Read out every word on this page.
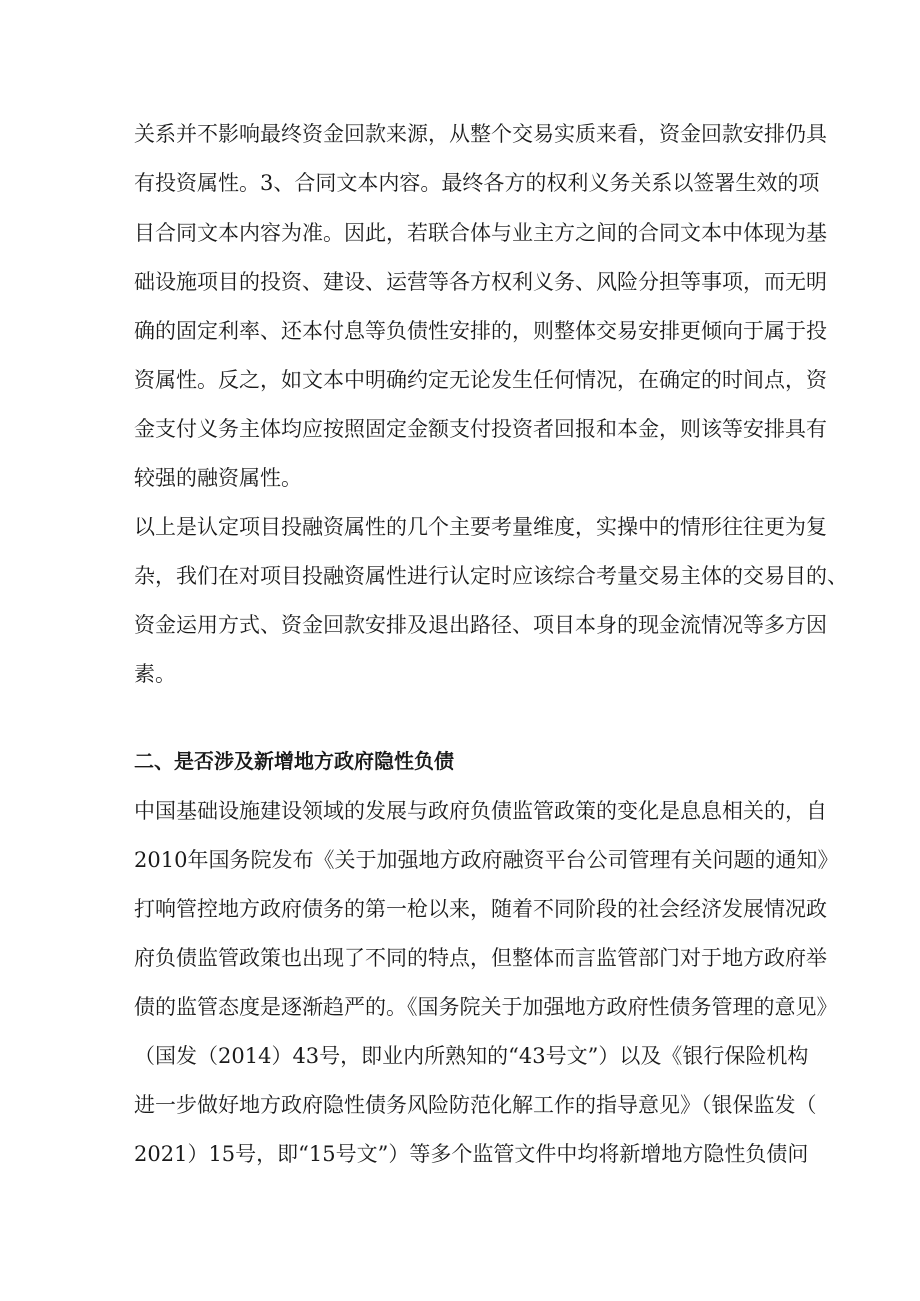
关系并不影响最终资金回款来源，从整个交易实质来看，资金回款安排仍具
有投资属性。3、合同文本内容。最终各方的权利义务关系以签署生效的项
目合同文本内容为准。因此，若联合体与业主方之间的合同文本中体现为基
础设施项目的投资、建设、运营等各方权利义务、风险分担等事项，而无明
确的固定利率、还本付息等负债性安排的，则整体交易安排更倾向于属于投
资属性。反之，如文本中明确约定无论发生任何情况，在确定的时间点，资
金支付义务主体均应按照固定金额支付投资者回报和本金，则该等安排具有
较强的融资属性。
以上是认定项目投融资属性的几个主要考量维度，实操中的情形往往更为复
杂，我们在对项目投融资属性进行认定时应该综合考量交易主体的交易目的、
资金运用方式、资金回款安排及退出路径、项目本身的现金流情况等多方因
素。
二、是否涉及新增地方政府隐性负债
中国基础设施建设领域的发展与政府负债监管政策的变化是息息相关的，自
2010年国务院发布《关于加强地方政府融资平台公司管理有关问题的通知》
打响管控地方政府债务的第一枪以来，随着不同阶段的社会经济发展情况政
府负债监管政策也出现了不同的特点，但整体而言监管部门对于地方政府举
债的监管态度是逐渐趋严的。《国务院关于加强地方政府性债务管理的意见》
（国发（2014）43号，即业内所熟知的“43号文”）以及《银行保险机构
进一步做好地方政府隐性债务风险防范化解工作的指导意见》（银保监发（
2021）15号，即“15号文”）等多个监管文件中均将新增地方隐性负债问
